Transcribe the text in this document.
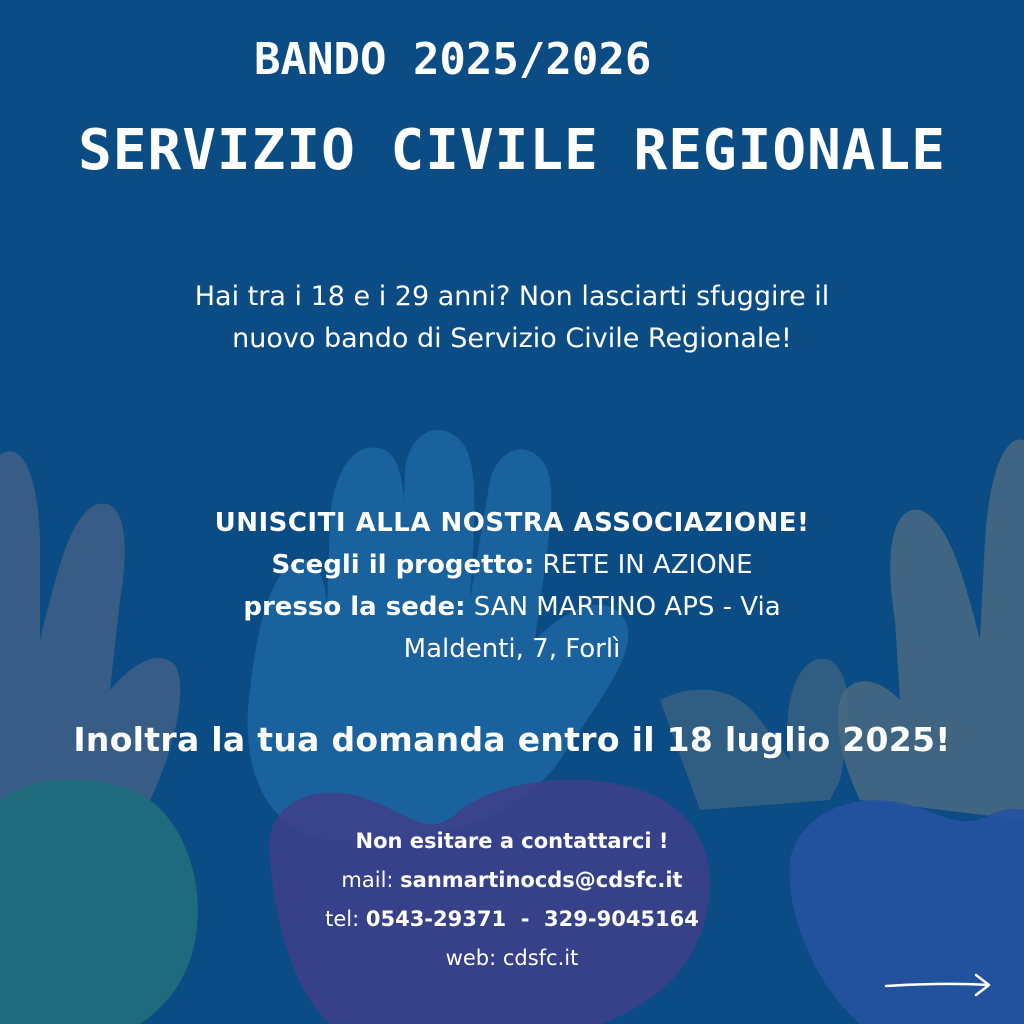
BANDO 2025/2026
SERVIZIO CIVILE REGIONALE
Hai tra i 18 e i 29 anni? Non lasciarti sfuggire il
nuovo bando di Servizio Civile Regionale!
UNISCITI ALLA NOSTRA ASSOCIAZIONE!
Scegli il progetto: RETE IN AZIONE
presso la sede: SAN MARTINO APS - Via
Maldenti, 7, Forlì
Inoltra la tua domanda entro il 18 luglio 2025!
Non esitare a contattarci !
mail: sanmartinocds@cdsfc.it
tel: 0543-29371  -  329-9045164
web: cdsfc.it
